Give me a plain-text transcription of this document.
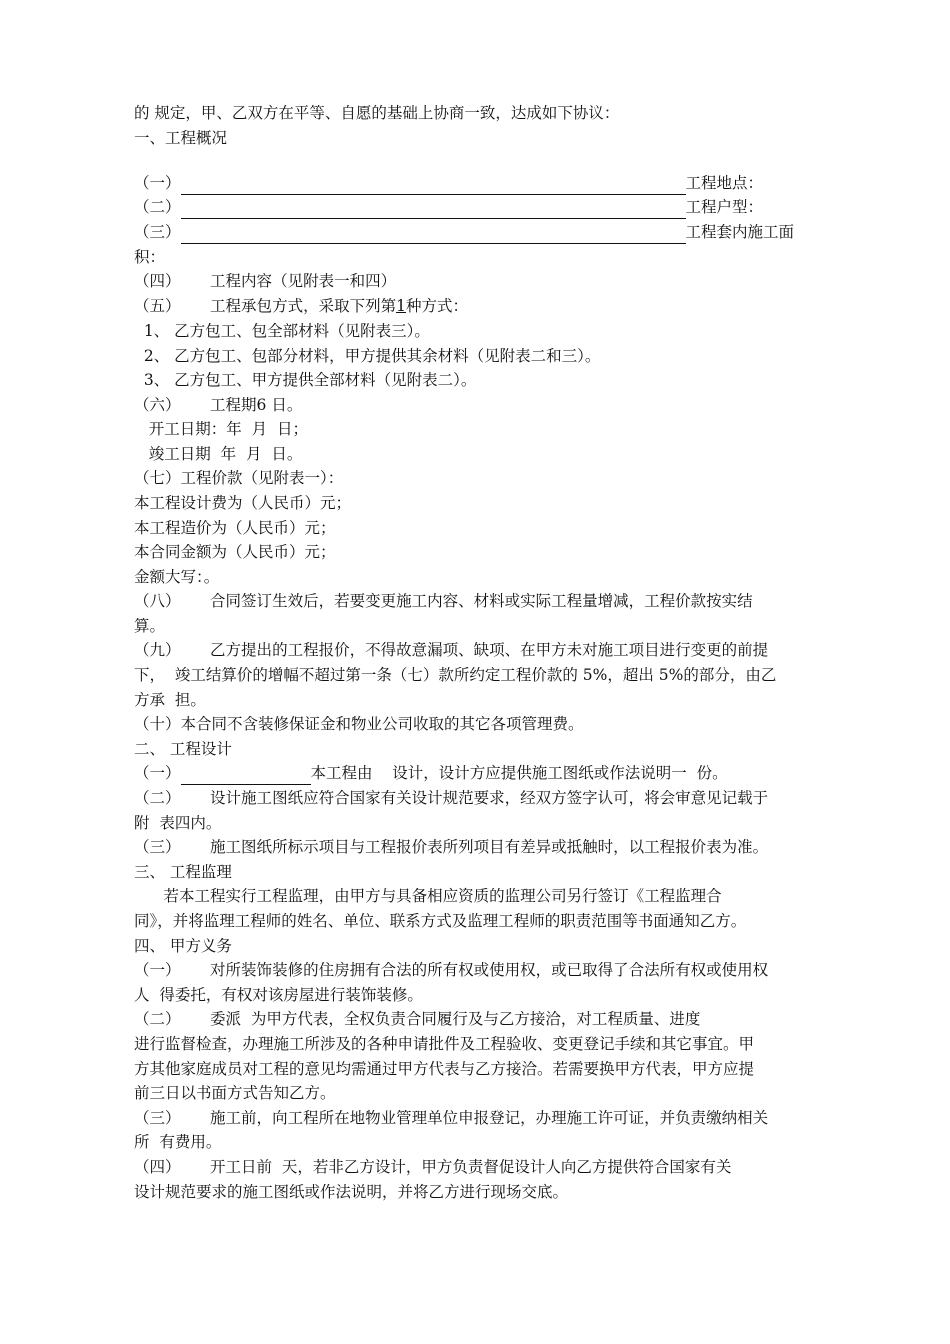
的 规定，甲、乙双方在平等、自愿的基础上协商一致，达成如下协议：
一、工程概况
（一）	工程地点：
（二）	工程户型：
（三）	工程套内施工面
积：
（四）      工程内容（见附表一和四）
（五）      工程承包方式，采取下列第1种方式：
1、 乙方包工、包全部材料（见附表三）。
2、 乙方包工、包部分材料，甲方提供其余材料（见附表二和三）。
3、 乙方包工、甲方提供全部材料（见附表二）。
（六）      工程期6 日。
开工日期：年  月  日；
竣工日期  年  月  日。
（七）工程价款（见附表一）：
本工程设计费为（人民币）元；
本工程造价为（人民币）元；
本合同金额为（人民币）元；
金额大写：。
（八）      合同签订生效后，若要变更施工内容、材料或实际工程量增减，工程价款按实结
算。
（九）      乙方提出的工程报价，不得故意漏项、缺项、在甲方未对施工项目进行变更的前提
下，  竣工结算价的增幅不超过第一条（七）款所约定工程价款的 5%，超出 5%的部分，由乙
方承  担。
（十）本合同不含装修保证金和物业公司收取的其它各项管理费。
二、 工程设计
（一）	本工程由    设计，设计方应提供施工图纸或作法说明一  份。
（二）      设计施工图纸应符合国家有关设计规范要求，经双方签字认可，将会审意见记载于
附  表四内。
（三）      施工图纸所标示项目与工程报价表所列项目有差异或抵触时，以工程报价表为准。
三、 工程监理
若本工程实行工程监理，由甲方与具备相应资质的监理公司另行签订《工程监理合
同》，并将监理工程师的姓名、单位、联系方式及监理工程师的职责范围等书面通知乙方。
四、 甲方义务
（一）      对所装饰装修的住房拥有合法的所有权或使用权，或已取得了合法所有权或使用权
人  得委托，有权对该房屋进行装饰装修。
（二）      委派  为甲方代表，全权负责合同履行及与乙方接洽，对工程质量、进度
进行监督检查，办理施工所涉及的各种申请批件及工程验收、变更登记手续和其它事宜。甲
方其他家庭成员对工程的意见均需通过甲方代表与乙方接洽。若需要换甲方代表，甲方应提
前三日以书面方式告知乙方。
（三）      施工前，向工程所在地物业管理单位申报登记，办理施工许可证，并负责缴纳相关
所  有费用。
（四）      开工日前  天，若非乙方设计，甲方负责督促设计人向乙方提供符合国家有关
设计规范要求的施工图纸或作法说明，并将乙方进行现场交底。
